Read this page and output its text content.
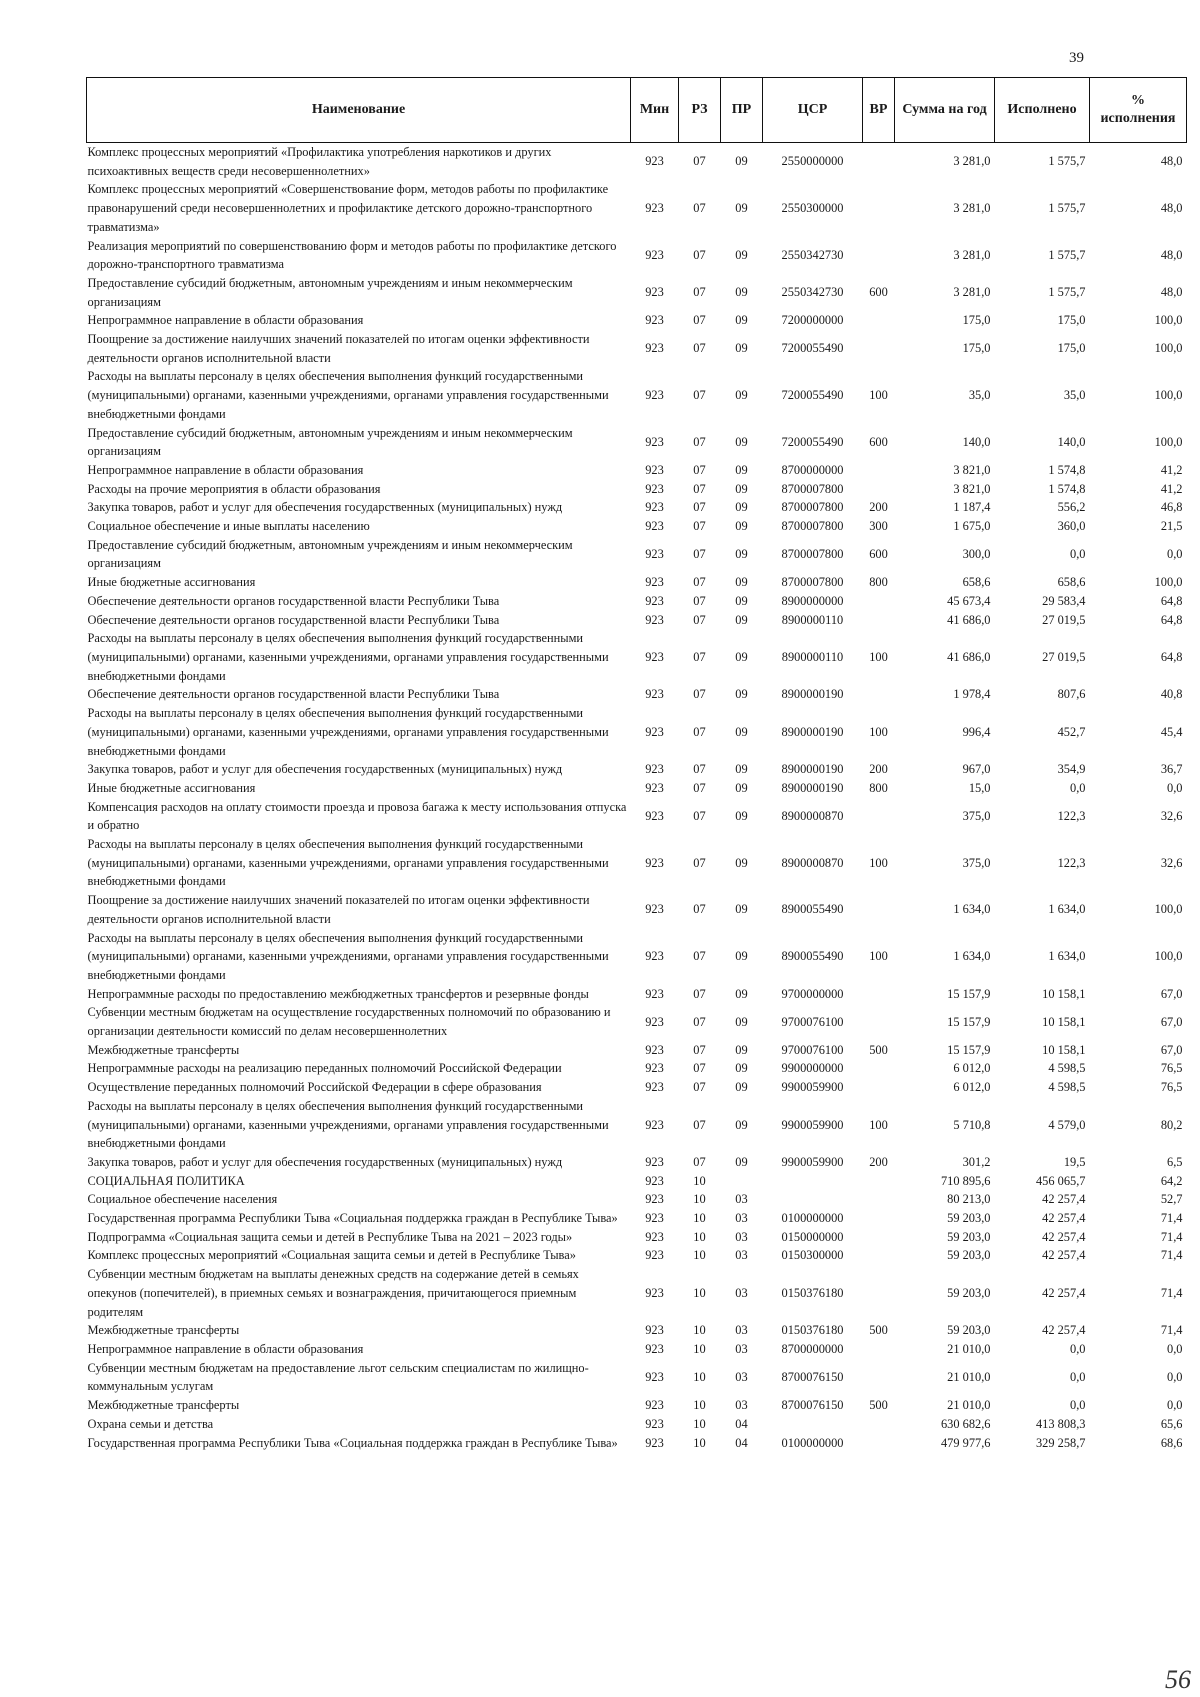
39
Наименование	Мин	РЗ	ПР	ЦСР	ВР	Сумма на год	Исполнено	% исполнения
Комплекс процессных мероприятий «Профилактика употребления наркотиков и других психоактивных веществ среди несовершеннолетних»	923	07	09	2550000000		3 281,0	1 575,7	48,0
Комплекс процессных мероприятий «Совершенствование форм, методов работы по профилактике правонарушений среди несовершеннолетних и профилактике детского дорожно-транспортного травматизма»	923	07	09	2550300000		3 281,0	1 575,7	48,0
Реализация мероприятий по совершенствованию форм и методов работы по профилактике детского дорожно-транспортного травматизма	923	07	09	2550342730		3 281,0	1 575,7	48,0
Предоставление субсидий бюджетным, автономным учреждениям и иным некоммерческим организациям	923	07	09	2550342730	600	3 281,0	1 575,7	48,0
Непрограммное направление в области образования	923	07	09	7200000000		175,0	175,0	100,0
Поощрение за достижение наилучших значений показателей по итогам оценки эффективности деятельности органов исполнительной власти	923	07	09	7200055490		175,0	175,0	100,0
Расходы на выплаты персоналу в целях обеспечения выполнения функций государственными (муниципальными) органами, казенными учреждениями, органами управления государственными внебюджетными фондами	923	07	09	7200055490	100	35,0	35,0	100,0
Предоставление субсидий бюджетным, автономным учреждениям и иным некоммерческим организациям	923	07	09	7200055490	600	140,0	140,0	100,0
Непрограммное направление в области образования	923	07	09	8700000000		3 821,0	1 574,8	41,2
Расходы на прочие мероприятия в области образования	923	07	09	8700007800		3 821,0	1 574,8	41,2
Закупка товаров, работ и услуг для обеспечения государственных (муниципальных) нужд	923	07	09	8700007800	200	1 187,4	556,2	46,8
Социальное обеспечение и иные выплаты населению	923	07	09	8700007800	300	1 675,0	360,0	21,5
Предоставление субсидий бюджетным, автономным учреждениям и иным некоммерческим организациям	923	07	09	8700007800	600	300,0	0,0	0,0
Иные бюджетные ассигнования	923	07	09	8700007800	800	658,6	658,6	100,0
Обеспечение деятельности органов государственной власти Республики Тыва	923	07	09	8900000000		45 673,4	29 583,4	64,8
Обеспечение деятельности органов государственной власти Республики Тыва	923	07	09	8900000110		41 686,0	27 019,5	64,8
Расходы на выплаты персоналу в целях обеспечения выполнения функций государственными (муниципальными) органами, казенными учреждениями, органами управления государственными внебюджетными фондами	923	07	09	8900000110	100	41 686,0	27 019,5	64,8
Обеспечение деятельности органов государственной власти Республики Тыва	923	07	09	8900000190		1 978,4	807,6	40,8
Расходы на выплаты персоналу в целях обеспечения выполнения функций государственными (муниципальными) органами, казенными учреждениями, органами управления государственными внебюджетными фондами	923	07	09	8900000190	100	996,4	452,7	45,4
Закупка товаров, работ и услуг для обеспечения государственных (муниципальных) нужд	923	07	09	8900000190	200	967,0	354,9	36,7
Иные бюджетные ассигнования	923	07	09	8900000190	800	15,0	0,0	0,0
Компенсация расходов на оплату стоимости проезда и провоза багажа к месту использования отпуска и обратно	923	07	09	8900000870		375,0	122,3	32,6
Расходы на выплаты персоналу в целях обеспечения выполнения функций государственными (муниципальными) органами, казенными учреждениями, органами управления государственными внебюджетными фондами	923	07	09	8900000870	100	375,0	122,3	32,6
Поощрение за достижение наилучших значений показателей по итогам оценки эффективности деятельности органов исполнительной власти	923	07	09	8900055490		1 634,0	1 634,0	100,0
Расходы на выплаты персоналу в целях обеспечения выполнения функций государственными (муниципальными) органами, казенными учреждениями, органами управления государственными внебюджетными фондами	923	07	09	8900055490	100	1 634,0	1 634,0	100,0
Непрограммные расходы по предоставлению межбюджетных трансфертов и резервные фонды	923	07	09	9700000000		15 157,9	10 158,1	67,0
Субвенции местным бюджетам на осуществление государственных полномочий по образованию и организации деятельности комиссий по делам несовершеннолетних	923	07	09	9700076100		15 157,9	10 158,1	67,0
Межбюджетные трансферты	923	07	09	9700076100	500	15 157,9	10 158,1	67,0
Непрограммные расходы на реализацию переданных полномочий Российской Федерации	923	07	09	9900000000		6 012,0	4 598,5	76,5
Осуществление переданных полномочий Российской Федерации в сфере образования	923	07	09	9900059900		6 012,0	4 598,5	76,5
Расходы на выплаты персоналу в целях обеспечения выполнения функций государственными (муниципальными) органами, казенными учреждениями, органами управления государственными внебюджетными фондами	923	07	09	9900059900	100	5 710,8	4 579,0	80,2
Закупка товаров, работ и услуг для обеспечения государственных (муниципальных) нужд	923	07	09	9900059900	200	301,2	19,5	6,5
СОЦИАЛЬНАЯ ПОЛИТИКА	923	10				710 895,6	456 065,7	64,2
Социальное обеспечение населения	923	10	03			80 213,0	42 257,4	52,7
Государственная программа Республики Тыва «Социальная поддержка граждан в Республике Тыва»	923	10	03	0100000000		59 203,0	42 257,4	71,4
Подпрограмма «Социальная защита семьи и детей в Республике Тыва на 2021 – 2023 годы»	923	10	03	0150000000		59 203,0	42 257,4	71,4
Комплекс процессных мероприятий «Социальная защита семьи и детей в Республике Тыва»	923	10	03	0150300000		59 203,0	42 257,4	71,4
Субвенции местным бюджетам на выплаты денежных средств на содержание детей в семьях опекунов (попечителей), в приемных семьях и вознаграждения, причитающегося приемным родителям	923	10	03	0150376180		59 203,0	42 257,4	71,4
Межбюджетные трансферты	923	10	03	0150376180	500	59 203,0	42 257,4	71,4
Непрограммное направление в области образования	923	10	03	8700000000		21 010,0	0,0	0,0
Субвенции местным бюджетам на предоставление льгот сельским специалистам по жилищно-коммунальным услугам	923	10	03	8700076150		21 010,0	0,0	0,0
Межбюджетные трансферты	923	10	03	8700076150	500	21 010,0	0,0	0,0
Охрана семьи и детства	923	10	04			630 682,6	413 808,3	65,6
Государственная программа Республики Тыва «Социальная поддержка граждан в Республике Тыва»	923	10	04	0100000000		479 977,6	329 258,7	68,6
56
